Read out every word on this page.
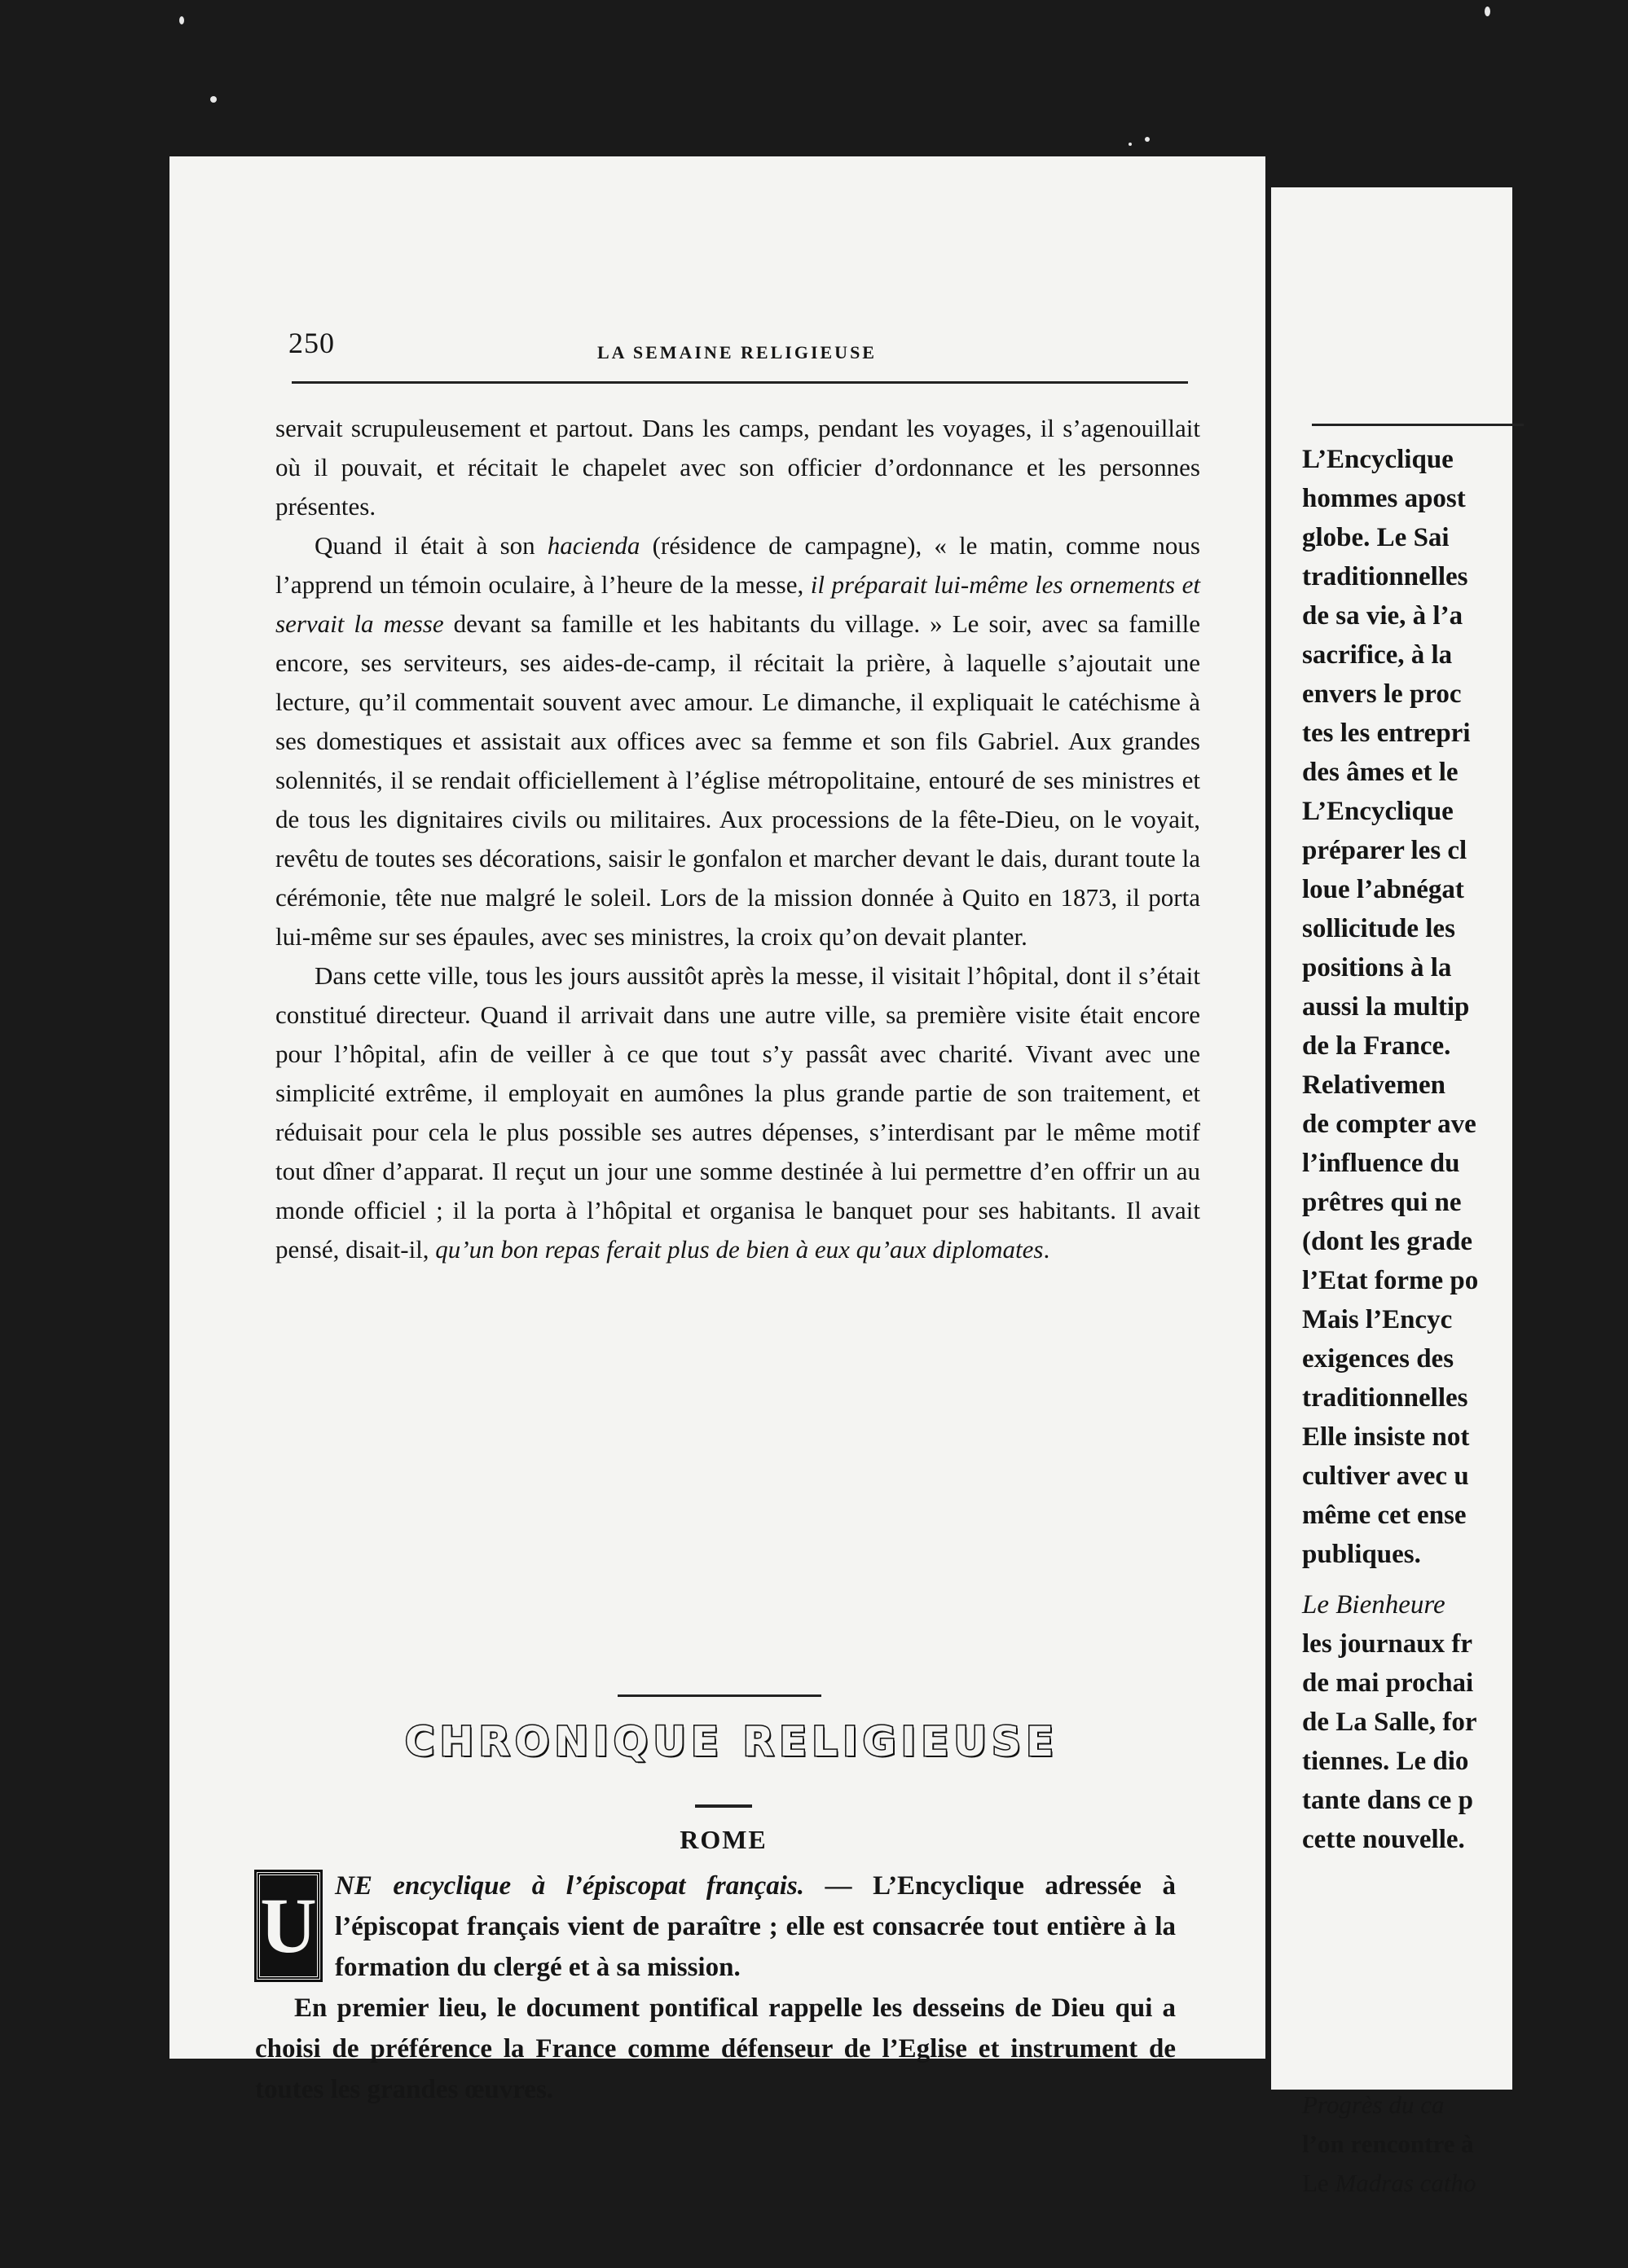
250	LA SEMAINE RELIGIEUSE

servait scrupuleusement et partout. Dans les camps, pendant les voyages, il s’agenouillait où il pouvait, et récitait le chapelet avec son officier d’ordonnance et les personnes présentes.

Quand il était à son hacienda (résidence de campagne), « le matin, comme nous l’apprend un témoin oculaire, à l’heure de la messe, il préparait lui-même les ornements et servait la messe devant sa famille et les habitants du village. » Le soir, avec sa famille encore, ses serviteurs, ses aides-de-camp, il récitait la prière, à laquelle s’ajoutait une lecture, qu’il commentait souvent avec amour. Le dimanche, il expliquait le catéchisme à ses domestiques et assistait aux offices avec sa femme et son fils Gabriel. Aux grandes solennités, il se rendait officiellement à l’église métropolitaine, entouré de ses ministres et de tous les dignitaires civils ou militaires. Aux processions de la fête-Dieu, on le voyait, revêtu de toutes ses décorations, saisir le gonfalon et marcher devant le dais, durant toute la cérémonie, tête nue malgré le soleil. Lors de la mission donnée à Quito en 1873, il porta lui-même sur ses épaules, avec ses ministres, la croix qu’on devait planter.

Dans cette ville, tous les jours aussitôt après la messe, il visitait l’hôpital, dont il s’était constitué directeur. Quand il arrivait dans une autre ville, sa première visite était encore pour l’hôpital, afin de veiller à ce que tout s’y passât avec charité. Vivant avec une simplicité extrême, il employait en aumônes la plus grande partie de son traitement, et réduisait pour cela le plus possible ses autres dépenses, s’interdisant par le même motif tout dîner d’apparat. Il reçut un jour une somme destinée à lui permettre d’en offrir un au monde officiel ; il la porta à l’hôpital et organisa le banquet pour ses habitants. Il avait pensé, disait-il, qu’un bon repas ferait plus de bien à eux qu’aux diplomates.

CHRONIQUE RELIGIEUSE
ROME

U NE encyclique à l’épiscopat français. — L’Encyclique adressée à l’épiscopat français vient de paraître ; elle est consacrée tout entière à la formation du clergé et à sa mission.

En premier lieu, le document pontifical rappelle les desseins de Dieu qui a choisi de préférence la France comme défenseur de l’Eglise et instrument de toutes les grandes œuvres.

L’Encyclique
hommes apost
globe. Le Sai
traditionnelles
de sa vie, à l’a
sacrifice, à la
envers le proc
tes les entrepri
des âmes et le
L’Encyclique
préparer les cl
loue l’abnégat
sollicitude les
positions à la
aussi la multip
de la France.
Relativemen
de compter ave
l’influence du
prêtres qui ne
(dont les grade
l’Etat forme po
Mais l’Encyc
exigences des
traditionnelles
Elle insiste not
cultiver avec u
même cet ense
publiques.
Le Bienheure
les journaux fr
de mai prochai
de La Salle, for
tiennes. Le dio
tante dans ce p
cette nouvelle.
Progrès du ca
l’on rencontre à
Le Madras catho
